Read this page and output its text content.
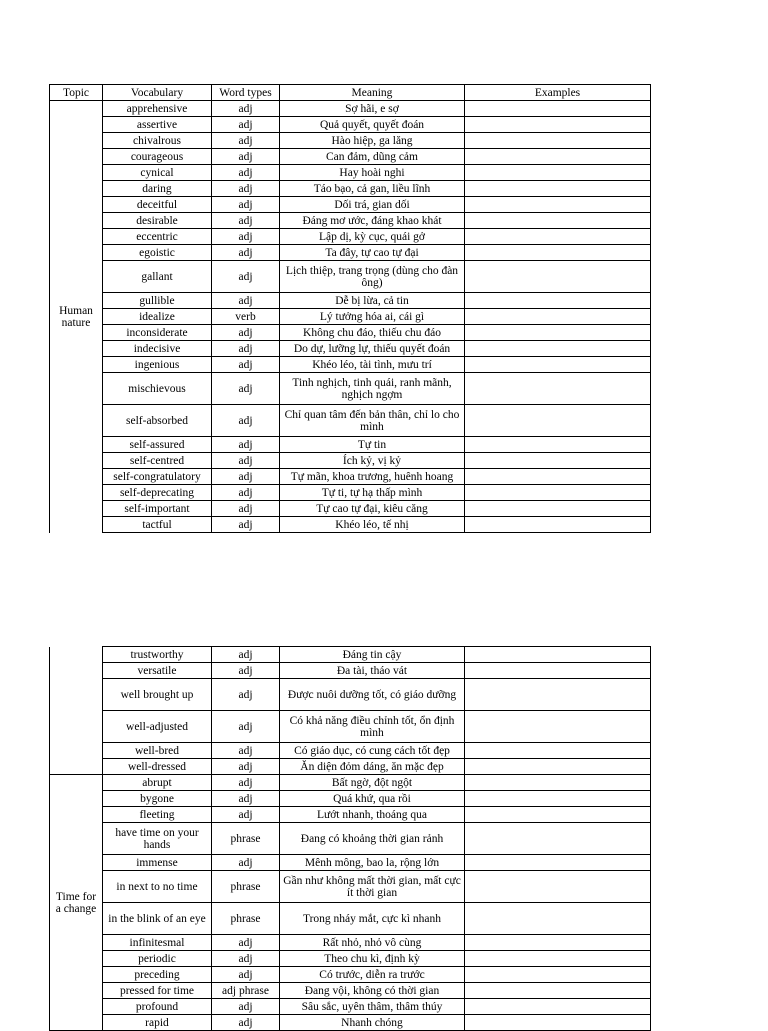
Topic	Vocabulary	Word types	Meaning	Examples
Human nature	apprehensive	adj	Sợ hãi, e sợ	
	assertive	adj	Quả quyết, quyết đoán	
	chivalrous	adj	Hào hiệp, ga lăng	
	courageous	adj	Can đảm, dũng cảm	
	cynical	adj	Hay hoài nghi	
	daring	adj	Táo bạo, cả gan, liều lĩnh	
	deceitful	adj	Dối trá, gian dối	
	desirable	adj	Đáng mơ ước, đáng khao khát	
	eccentric	adj	Lập dị, kỳ cục, quái gở	
	egoistic	adj	Ta đây, tự cao tự đại	
	gallant	adj	Lịch thiệp, trang trọng (dùng cho đàn ông)	
	gullible	adj	Dễ bị lừa, cả tin	
	idealize	verb	Lý tưởng hóa ai, cái gì	
	inconsiderate	adj	Không chu đáo, thiếu chu đáo	
	indecisive	adj	Do dự, lưỡng lự, thiếu quyết đoán	
	ingenious	adj	Khéo léo, tài tình, mưu trí	
	mischievous	adj	Tinh nghịch, tinh quái, ranh mãnh, nghịch ngợm	
	self-absorbed	adj	Chỉ quan tâm đến bản thân, chỉ lo cho mình	
	self-assured	adj	Tự tin	
	self-centred	adj	Ích kỷ, vị kỷ	
	self-congratulatory	adj	Tự mãn, khoa trương, huênh hoang	
	self-deprecating	adj	Tự ti, tự hạ thấp mình	
	self-important	adj	Tự cao tự đại, kiêu căng	
	tactful	adj	Khéo léo, tế nhị	
	trustworthy	adj	Đáng tin cậy	
	versatile	adj	Đa tài, tháo vát	
	well brought up	adj	Được nuôi dưỡng tốt, có giáo dưỡng	
	well-adjusted	adj	Có khả năng điều chỉnh tốt, ổn định mình	
	well-bred	adj	Có giáo dục, có cung cách tốt đẹp	
	well-dressed	adj	Ăn diện đỏm dáng, ăn mặc đẹp	
Time for a change	abrupt	adj	Bất ngờ, đột ngột	
	bygone	adj	Quá khứ, qua rồi	
	fleeting	adj	Lướt nhanh, thoáng qua	
	have time on your hands	phrase	Đang có khoảng thời gian rảnh	
	immense	adj	Mênh mông, bao la, rộng lớn	
	in next to no time	phrase	Gần như không mất thời gian, mất cực ít thời gian	
	in the blink of an eye	phrase	Trong nháy mắt, cực kì nhanh	
	infinitesmal	adj	Rất nhỏ, nhỏ vô cùng	
	periodic	adj	Theo chu kì, định kỳ	
	preceding	adj	Có trước, diễn ra trước	
	pressed for time	adj phrase	Đang vội, không có thời gian	
	profound	adj	Sâu sắc, uyên thâm, thâm thúy	
	rapid	adj	Nhanh chóng	
